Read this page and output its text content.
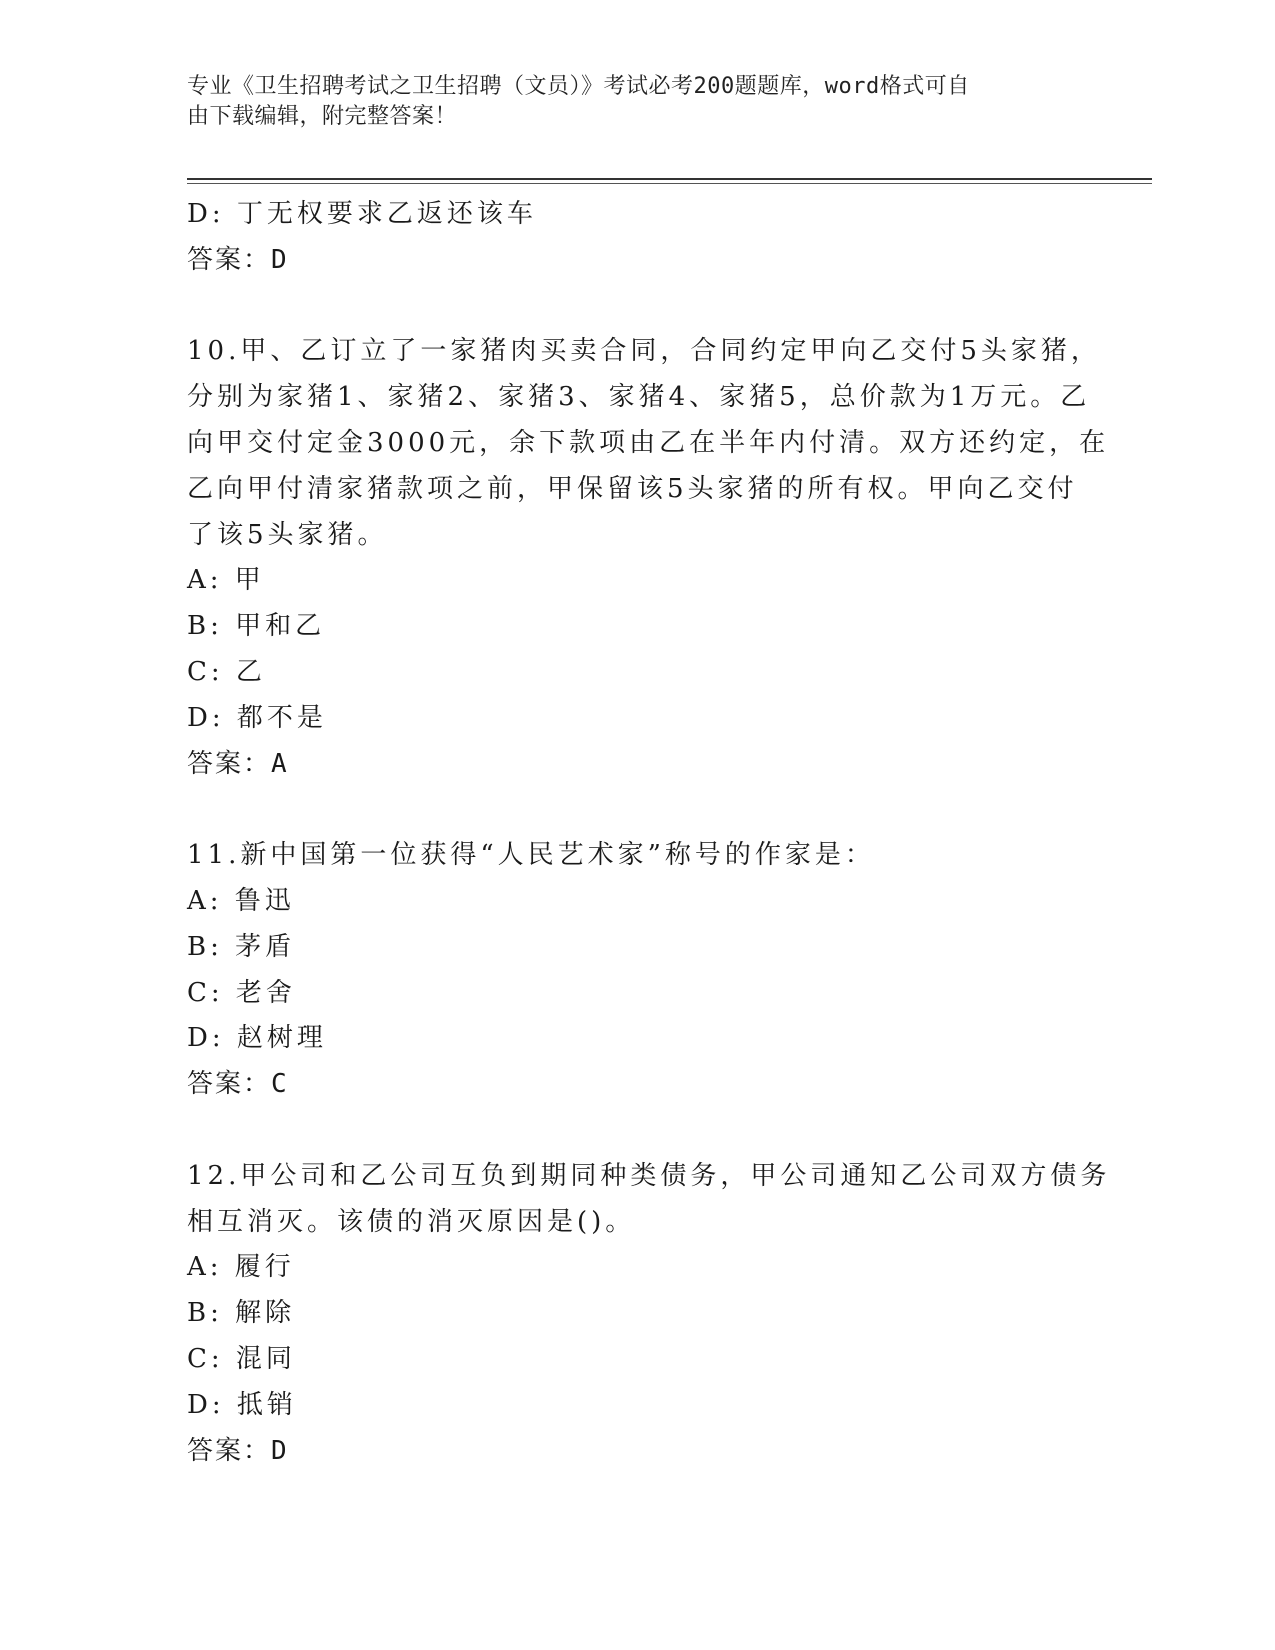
专业《卫生招聘考试之卫生招聘（文员）》考试必考200题题库，word格式可自
由下载编辑，附完整答案！
D: 丁无权要求乙返还该车
答案：D
10.甲、乙订立了一家猪肉买卖合同，合同约定甲向乙交付5头家猪，
分别为家猪1、家猪2、家猪3、家猪4、家猪5，总价款为1万元。乙
向甲交付定金3000元，余下款项由乙在半年内付清。双方还约定，在
乙向甲付清家猪款项之前，甲保留该5头家猪的所有权。甲向乙交付
了该5头家猪。
A: 甲
B: 甲和乙
C: 乙
D: 都不是
答案：A
11.新中国第一位获得“人民艺术家”称号的作家是：
A: 鲁迅
B: 茅盾
C: 老舍
D: 赵树理
答案：C
12.甲公司和乙公司互负到期同种类债务，甲公司通知乙公司双方债务
相互消灭。该债的消灭原因是()。
A: 履行
B: 解除
C: 混同
D: 抵销
答案：D
